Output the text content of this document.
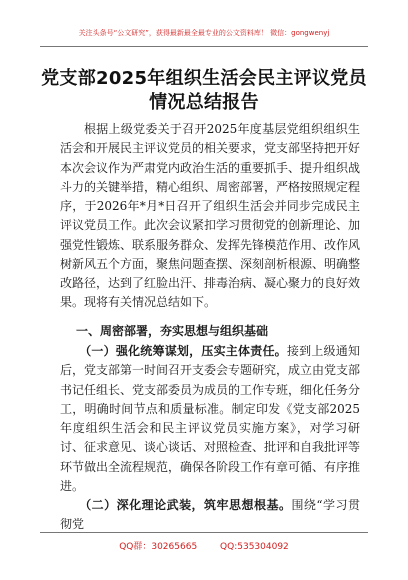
关注头条号“公文研究”，获得最新最全最专业的公文资料库！ 微信：gongwenyj
党支部2025年组织生活会民主评议党员
情况总结报告

根据上级党委关于召开2025年度基层党组织组织生活会和开展民主评议党员的相关要求，党支部坚持把开好本次会议作为严肃党内政治生活的重要抓手、提升组织战斗力的关键举措，精心组织、周密部署，严格按照规定程序，于2026年*月*日召开了组织生活会并同步完成民主评议党员工作。此次会议紧扣学习贯彻党的创新理论、加强党性锻炼、联系服务群众、发挥先锋模范作用、改作风树新风五个方面，聚焦问题查摆、深刻剖析根源、明确整改路径，达到了红脸出汗、排毒治病、凝心聚力的良好效果。现将有关情况总结如下。

一、周密部署，夯实思想与组织基础

（一）强化统筹谋划，压实主体责任。接到上级通知后，党支部第一时间召开支委会专题研究，成立由党支部书记任组长、党支部委员为成员的工作专班，细化任务分工，明确时间节点和质量标准。制定印发《党支部2025年度组织生活会和民主评议党员实施方案》，对学习研讨、征求意见、谈心谈话、对照检查、批评和自我批评等环节做出全流程规范，确保各阶段工作有章可循、有序推进。

（二）深化理论武装，筑牢思想根基。围绕“学习贯彻党

QQ群：30265665        QQ:535304092
